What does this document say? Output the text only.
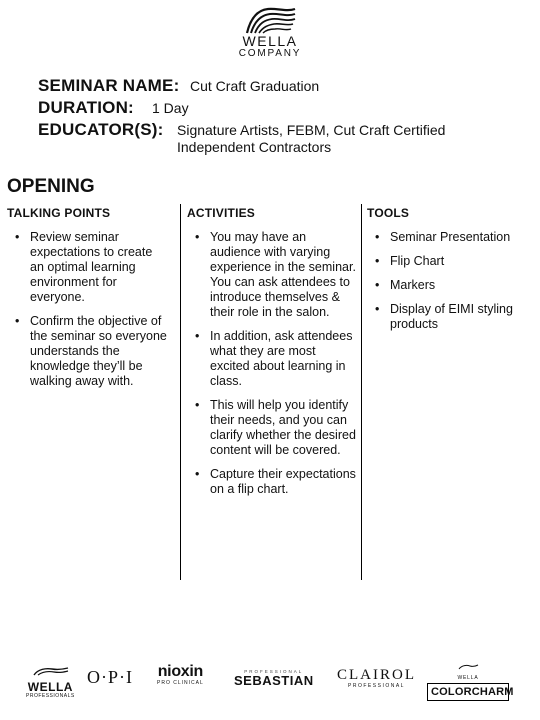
WELLA
COMPANY
SEMINAR NAME: Cut Craft Graduation
DURATION:	1 Day
EDUCATOR(S): Signature Artists, FEBM, Cut Craft Certified Independent Contractors
OPENING
TALKING POINTS
• Review seminar expectations to create an optimal learning environment for everyone.
• Confirm the objective of the seminar so everyone understands the knowledge they’ll be walking away with.
ACTIVITIES
• You may have an audience with varying experience in the seminar. You can ask attendees to introduce themselves & their role in the salon.
• In addition, ask attendees what they are most excited about learning in class.
• This will help you identify their needs, and you can clarify whether the desired content will be covered.
• Capture their expectations on a flip chart.
TOOLS
• Seminar Presentation
• Flip Chart
• Markers
• Display of EIMI styling products
WELLA
PROFESSIONALS
O·P·I nioxin
PRO CLINICAL
PROFESSIONAL
SEBASTIAN CLAIROL
PROFESSIONAL
WELLA
COLORCHARM
